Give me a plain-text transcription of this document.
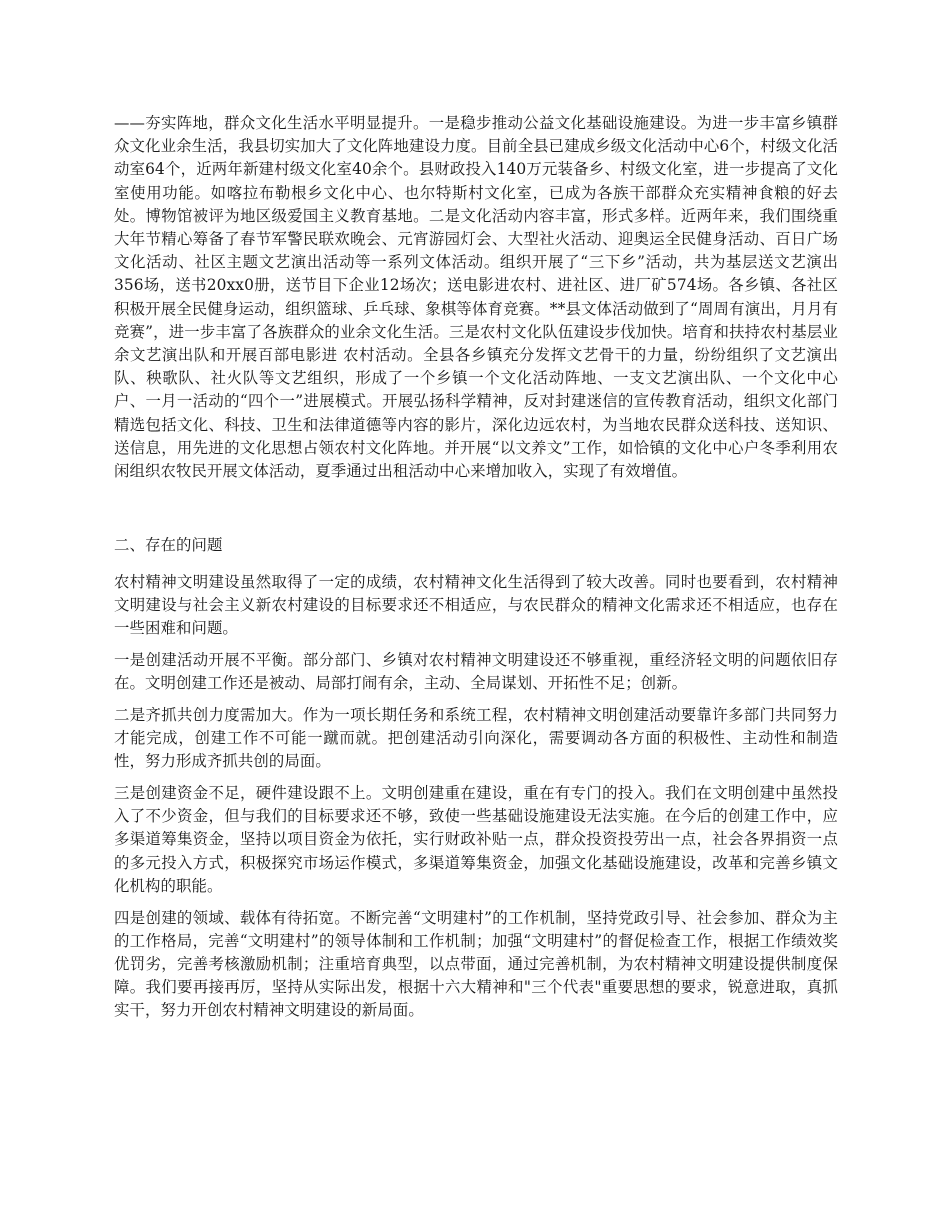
——夯实阵地，群众文化生活水平明显提升。一是稳步推动公益文化基础设施建设。为进一步丰富乡镇群众文化业余生活，我县切实加大了文化阵地建设力度。目前全县已建成乡级文化活动中心6个，村级文化活动室64个，近两年新建村级文化室40余个。县财政投入140万元装备乡、村级文化室，进一步提高了文化室使用功能。如喀拉布勒根乡文化中心、也尔特斯村文化室，已成为各族干部群众充实精神食粮的好去处。博物馆被评为地区级爱国主义教育基地。二是文化活动内容丰富，形式多样。近两年来，我们围绕重大年节精心筹备了春节军警民联欢晚会、元宵游园灯会、大型社火活动、迎奥运全民健身活动、百日广场文化活动、社区主题文艺演出活动等一系列文体活动。组织开展了“三下乡”活动，共为基层送文艺演出356场，送书20xx0册，送节目下企业12场次；送电影进农村、进社区、进厂矿574场。各乡镇、各社区积极开展全民健身运动，组织篮球、乒乓球、象棋等体育竞赛。**县文体活动做到了“周周有演出，月月有竞赛”，进一步丰富了各族群众的业余文化生活。三是农村文化队伍建设步伐加快。培育和扶持农村基层业余文艺演出队和开展百部电影进 农村活动。全县各乡镇充分发挥文艺骨干的力量，纷纷组织了文艺演出队、秧歌队、社火队等文艺组织，形成了一个乡镇一个文化活动阵地、一支文艺演出队、一个文化中心户、一月一活动的“四个一”进展模式。开展弘扬科学精神，反对封建迷信的宣传教育活动，组织文化部门精选包括文化、科技、卫生和法律道德等内容的影片，深化边远农村，为当地农民群众送科技、送知识、送信息，用先进的文化思想占领农村文化阵地。并开展“以文养文”工作，如恰镇的文化中心户冬季利用农闲组织农牧民开展文体活动，夏季通过出租活动中心来增加收入，实现了有效增值。

二、存在的问题

农村精神文明建设虽然取得了一定的成绩，农村精神文化生活得到了较大改善。同时也要看到，农村精神文明建设与社会主义新农村建设的目标要求还不相适应，与农民群众的精神文化需求还不相适应，也存在一些困难和问题。

一是创建活动开展不平衡。部分部门、乡镇对农村精神文明建设还不够重视，重经济轻文明的问题依旧存在。文明创建工作还是被动、局部打闹有余，主动、全局谋划、开拓性不足；创新。

二是齐抓共创力度需加大。作为一项长期任务和系统工程，农村精神文明创建活动要靠许多部门共同努力才能完成，创建工作不可能一蹴而就。把创建活动引向深化，需要调动各方面的积极性、主动性和制造性，努力形成齐抓共创的局面。

三是创建资金不足，硬件建设跟不上。文明创建重在建设，重在有专门的投入。我们在文明创建中虽然投入了不少资金，但与我们的目标要求还不够，致使一些基础设施建设无法实施。在今后的创建工作中，应多渠道筹集资金，坚持以项目资金为依托，实行财政补贴一点，群众投资投劳出一点，社会各界捐资一点的多元投入方式，积极探究市场运作模式，多渠道筹集资金，加强文化基础设施建设，改革和完善乡镇文化机构的职能。

四是创建的领域、载体有待拓宽。不断完善“文明建村”的工作机制，坚持党政引导、社会参加、群众为主的工作格局，完善“文明建村”的领导体制和工作机制；加强“文明建村”的督促检查工作，根据工作绩效奖优罚劣，完善考核激励机制；注重培育典型，以点带面，通过完善机制，为农村精神文明建设提供制度保障。我们要再接再厉，坚持从实际出发，根据十六大精神和"三个代表"重要思想的要求，锐意进取，真抓实干，努力开创农村精神文明建设的新局面。
